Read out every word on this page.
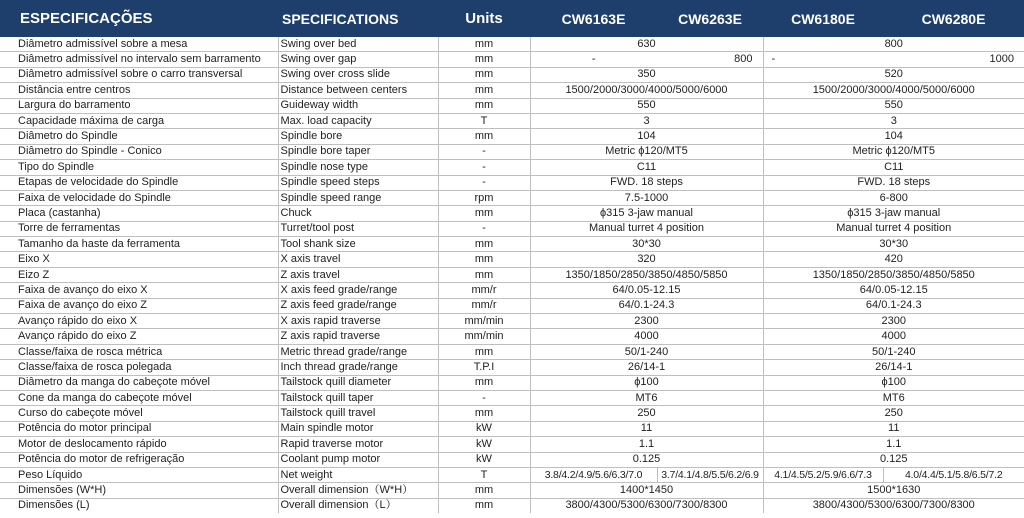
ESPECIFICAÇÕES	SPECIFICATIONS	Units	CW6163E	CW6263E	CW6180E	CW6280E
Diâmetro admissível sobre a mesa	Swing over bed	mm	630		800	
Diâmetro admissível no intervalo sem barramento	Swing over gap	mm	-	800	-	1000
Diâmetro admissível sobre o carro transversal	Swing over cross slide	mm	350		520	
Distância entre centros	Distance between centers	mm	1500/2000/3000/4000/5000/6000		1500/2000/3000/4000/5000/6000	
Largura do barramento	Guideway width	mm	550		550	
Capacidade máxima de carga	Max. load capacity	T	3		3	
Diâmetro do Spindle	Spindle bore	mm	104		104	
Diâmetro do Spindle - Conico	Spindle bore taper	-	Metric ϕ120/MT5		Metric ϕ120/MT5	
Tipo do Spindle	Spindle nose type	-	C11		C11	
Etapas de velocidade do Spindle	Spindle speed steps	-	FWD. 18 steps		FWD. 18 steps	
Faixa de velocidade do Spindle	Spindle speed range	rpm	7.5-1000		6-800	
Placa (castanha)	Chuck	mm	ϕ315 3-jaw manual		ϕ315 3-jaw manual	
Torre de ferramentas	Turret/tool post	-	Manual turret 4 position		Manual turret 4 position	
Tamanho da haste da ferramenta	Tool shank size	mm	30*30		30*30	
Eixo X	X axis travel	mm	320		420	
Eizo Z	Z axis travel	mm	1350/1850/2850/3850/4850/5850		1350/1850/2850/3850/4850/5850	
Faixa de avanço do eixo X	X axis feed grade/range	mm/r	64/0.05-12.15		64/0.05-12.15	
Faixa de avanço do eixo Z	Z axis feed grade/range	mm/r	64/0.1-24.3		64/0.1-24.3	
Avanço rápido do eixo X	X axis rapid traverse	mm/min	2300		2300	
Avanço rápido do eixo Z	Z axis rapid traverse	mm/min	4000		4000	
Classe/faixa de rosca métrica	Metric thread grade/range	mm	50/1-240		50/1-240	
Classe/faixa de rosca polegada	Inch thread grade/range	T.P.I	26/14-1		26/14-1	
Diâmetro da manga do cabeçote móvel	Tailstock quill diameter	mm	ϕ100		ϕ100	
Cone da manga do cabeçote móvel	Tailstock quill taper	-	MT6		MT6	
Curso do cabeçote móvel	Tailstock quill travel	mm	250		250	
Potência do motor principal	Main spindle motor	kW	11		11	
Motor de deslocamento rápido	Rapid traverse motor	kW	1.1		1.1	
Potência do motor de refrigeração	Coolant pump motor	kW	0.125		0.125	
Peso Líquido	Net weight	T	3.8/4.2/4.9/5.6/6.3/7.0	3.7/4.1/4.8/5.5/6.2/6.9	4.1/4.5/5.2/5.9/6.6/7.3	4.0/4.4/5.1/5.8/6.5/7.2
Dimensões (W*H)	Overall dimension（W*H）	mm	1400*1450		1500*1630	
Dimensões (L)	Overall dimension（L）	mm	3800/4300/5300/6300/7300/8300		3800/4300/5300/6300/7300/8300	
